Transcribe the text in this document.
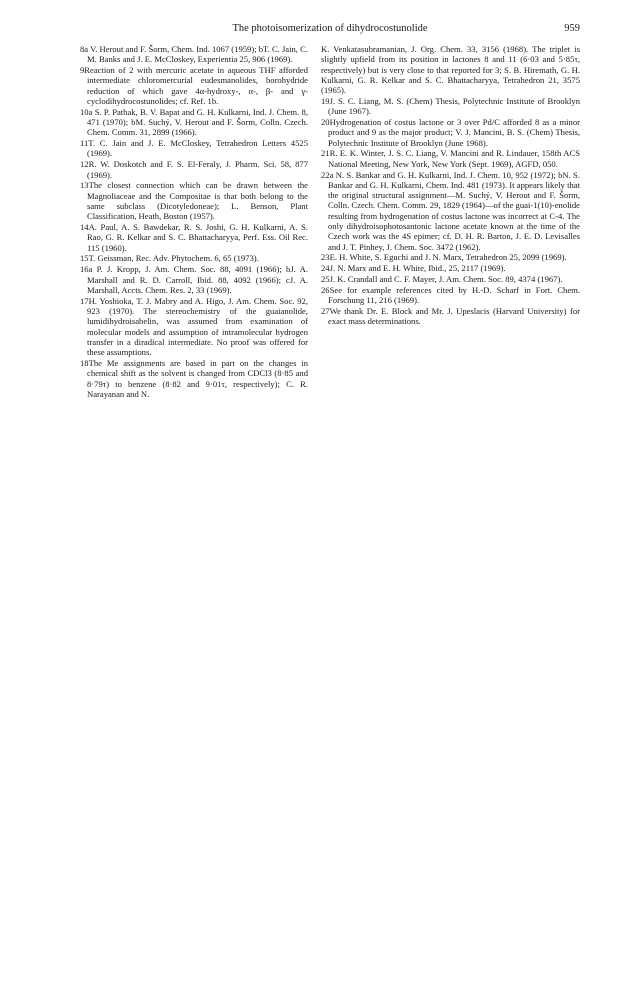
The photoisomerization of dihydrocostunolide	959

8a V. Herout and F. Šorm, Chem. Ind. 1067 (1959); bT. C. Jain, C. M. Banks and J. E. McCloskey, Experientia 25, 906 (1969).

9Reaction of 2 with mercuric acetate in aqueous THF afforded intermediate chloromercurial eudesmanolides, borohydride reduction of which gave 4α-hydroxy-, α-, β- and γ-cyclodihydrocostunolides; cf. Ref. 1b.

10a S. P. Pathak, B. V. Bapat and G. H. Kulkarni, Ind. J. Chem. 8, 471 (1970); bM. Suchý, V. Herout and F. Šorm, Colln. Czech. Chem. Comm. 31, 2899 (1966).

11T. C. Jain and J. E. McCloskey, Tetrahedron Letters 4525 (1969).

12R. W. Doskotch and F. S. El-Feraly, J. Pharm. Sci. 58, 877 (1969).

13The closest connection which can be drawn between the Magnoliaceae and the Compositae is that both belong to the same subclass (Dicotyledoneae); L. Benson, Plant Classification, Heath, Boston (1957).

14A. Paul, A. S. Bawdekar, R. S. Joshi, G. H. Kulkarni, A. S. Rao, G. R. Kelkar and S. C. Bhattacharyya, Perf. Ess. Oil Rec. 115 (1960).

15T. Geissman, Rec. Adv. Phytochem. 6, 65 (1973).

16a P. J. Kropp, J. Am. Chem. Soc. 88, 4091 (1966); bJ. A. Marshall and R. D. Carroll, Ibid. 88, 4092 (1966); cJ. A. Marshall, Accts. Chem. Res. 2, 33 (1969).

17H. Yoshioka, T. J. Mabry and A. Higo, J. Am. Chem. Soc. 92, 923 (1970). The stereochemistry of the guaianolide, lumidihydroisabelin, was assumed from examination of molecular models and assumption of intramolecular hydrogen transfer in a diradical intermediate. No proof was offered for these assumptions.

18The Me assignments are based in part on the changes in chemical shift as the solvent is changed from CDCl3 (8·85 and 8·79τ) to benzene (8·82 and 9·01τ, respectively); C. R. Narayanan and N.

K. Venkatasubramanian, J. Org. Chem. 33, 3156 (1968). The triplet is slightly upfield from its position in lactones 8 and 11 (6·03 and 5·85τ, respectively) but is very close to that reported for 3; S. B. Hiremath, G. H. Kulkarni, G. R. Kelkar and S. C. Bhattacharyya, Tetrahedron 21, 3575 (1965).

19J. S. C. Liang, M. S. (Chem) Thesis, Polytechnic Institute of Brooklyn (June 1967).

20Hydrogenation of costus lactone or 3 over Pd/C afforded 8 as a minor product and 9 as the major product; V. J. Mancini, B. S. (Chem) Thesis, Polytechnic Institute of Brooklyn (June 1968).

21R. E. K. Winter, J. S. C. Liang, V. Mancini and R. Lindauer, 158th ACS National Meeting, New York, New York (Sept. 1969), AGFD, 050.

22a N. S. Bankar and G. H. Kulkarni, Ind. J. Chem. 10, 952 (1972); bN. S. Bankar and G. H. Kulkarni, Chem. Ind. 481 (1973). It appears likely that the original structural assignment—M. Suchý, V. Herout and F. Šorm, Colln. Czech. Chem. Comm. 29, 1829 (1964)—of the guai-1(10)-enolide resulting from hydrogenation of costus lactone was incorrect at C-4. The only dihydroisophotosantonic lactone acetate known at the time of the Czech work was the 4S epimer; cf. D. H. R. Barton, J. E. D. Levisalles and J. T. Pinhey, J. Chem. Soc. 3472 (1962).

23E. H. White, S. Eguchi and J. N. Marx, Tetrahedron 25, 2099 (1969).

24J. N. Marx and E. H. White, Ibid., 25, 2117 (1969).

25J. K. Crandall and C. F. Mayer, J. Am. Chem. Soc. 89, 4374 (1967).

26See for example references cited by H.-D. Scharf in Fort. Chem. Forschung 11, 216 (1969).

27We thank Dr. E. Block and Mr. J. Upeslacis (Harvard University) for exact mass determinations.
